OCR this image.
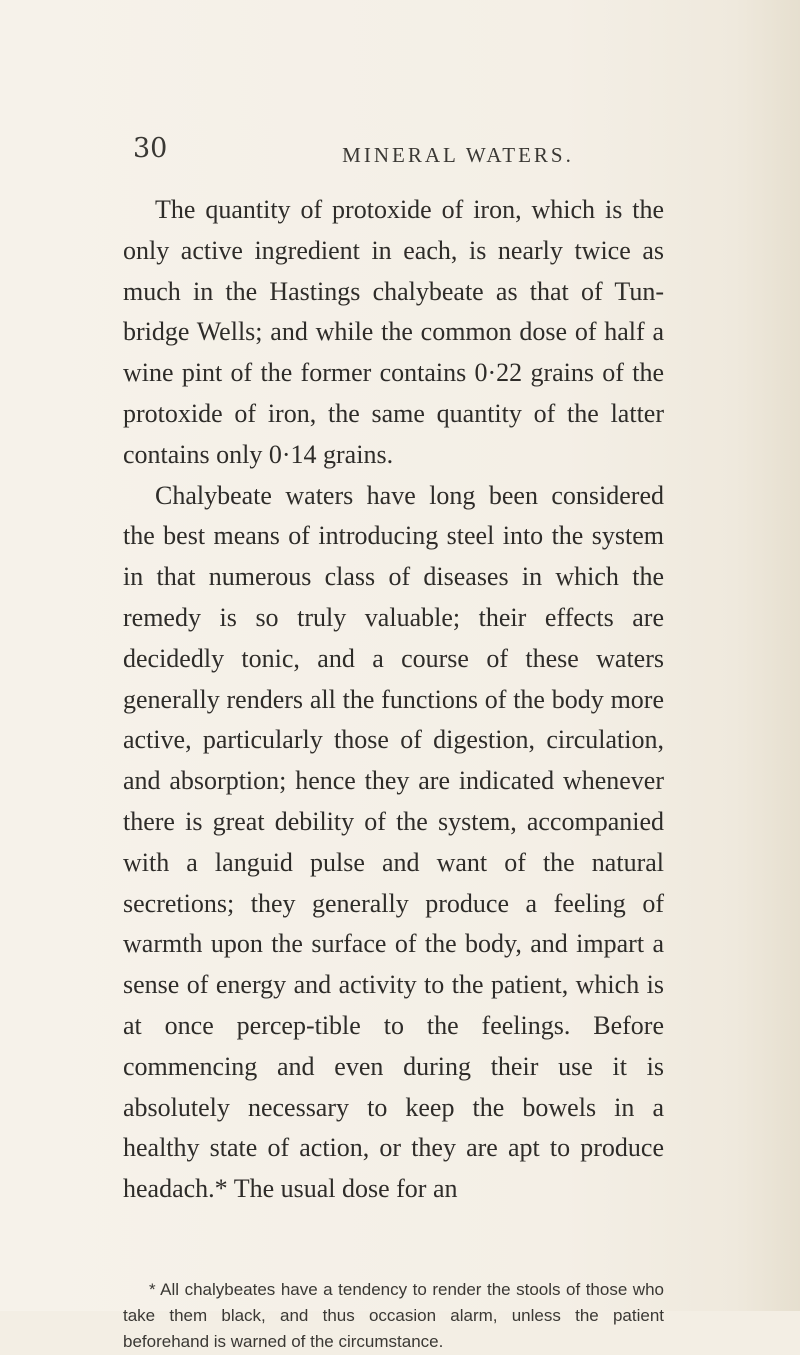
30	MINERAL WATERS.

The quantity of protoxide of iron, which is the only active ingredient in each, is nearly twice as much in the Hastings chalybeate as that of Tun-bridge Wells; and while the common dose of half a wine pint of the former contains 0·22 grains of the protoxide of iron, the same quantity of the latter contains only 0·14 grains.

Chalybeate waters have long been considered the best means of introducing steel into the system in that numerous class of diseases in which the remedy is so truly valuable; their effects are decidedly tonic, and a course of these waters generally renders all the functions of the body more active, particularly those of digestion, circulation, and absorption; hence they are indicated whenever there is great debility of the system, accompanied with a languid pulse and want of the natural secretions; they generally produce a feeling of warmth upon the surface of the body, and impart a sense of energy and activity to the patient, which is at once percep-tible to the feelings. Before commencing and even during their use it is absolutely necessary to keep the bowels in a healthy state of action, or they are apt to produce headach.* The usual dose for an

* All chalybeates have a tendency to render the stools of those who take them black, and thus occasion alarm, unless the patient beforehand is warned of the circumstance.
